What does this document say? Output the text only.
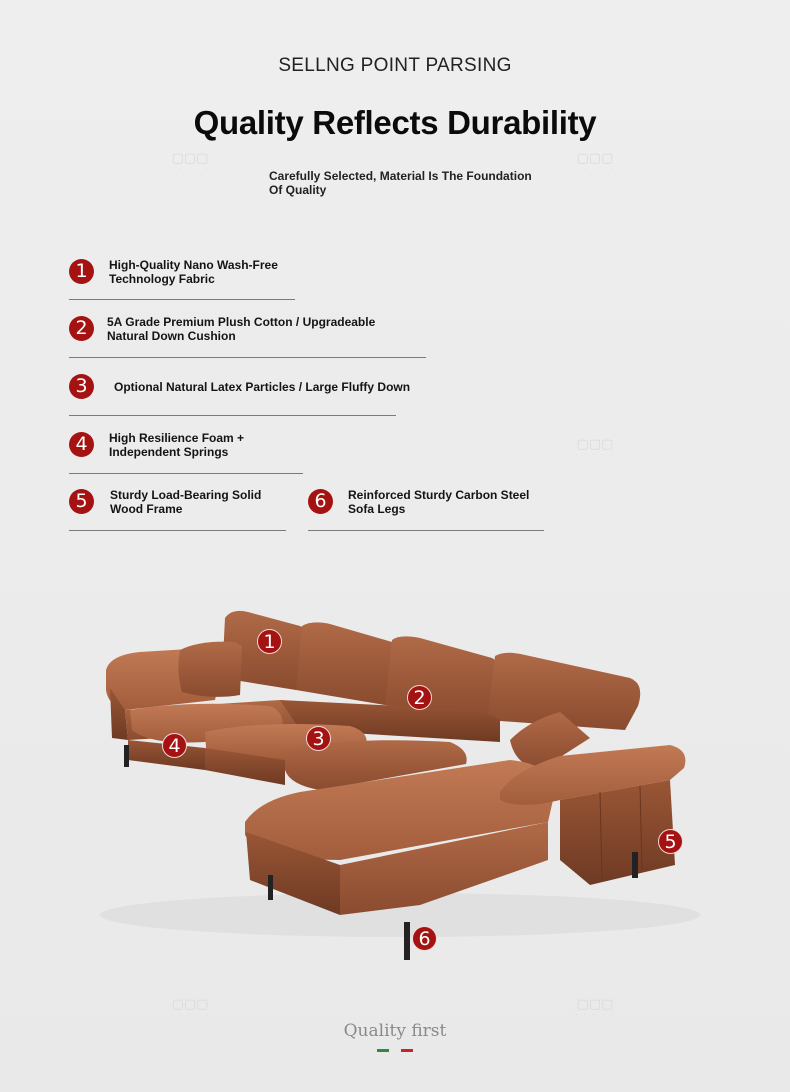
SELLNG POINT PARSING
Quality Reflects Durability
Carefully Selected, Material Is The Foundation Of Quality
▢▢▢
· · · · ·
▢▢▢
· · · · ·
▢▢▢
· · · · ·
▢▢▢
· · · · ·
▢▢▢
· · · · ·
1	High-Quality Nano Wash-Free Technology Fabric
2	5A Grade Premium Plush Cotton / Upgradeable Natural Down Cushion
3	Optional Natural Latex Particles / Large Fluffy Down
4	High Resilience Foam + Independent Springs
5	Sturdy Load-Bearing Solid Wood Frame	6	Reinforced Sturdy Carbon Steel Sofa Legs
1
2
3
4
5
6
Quality first
